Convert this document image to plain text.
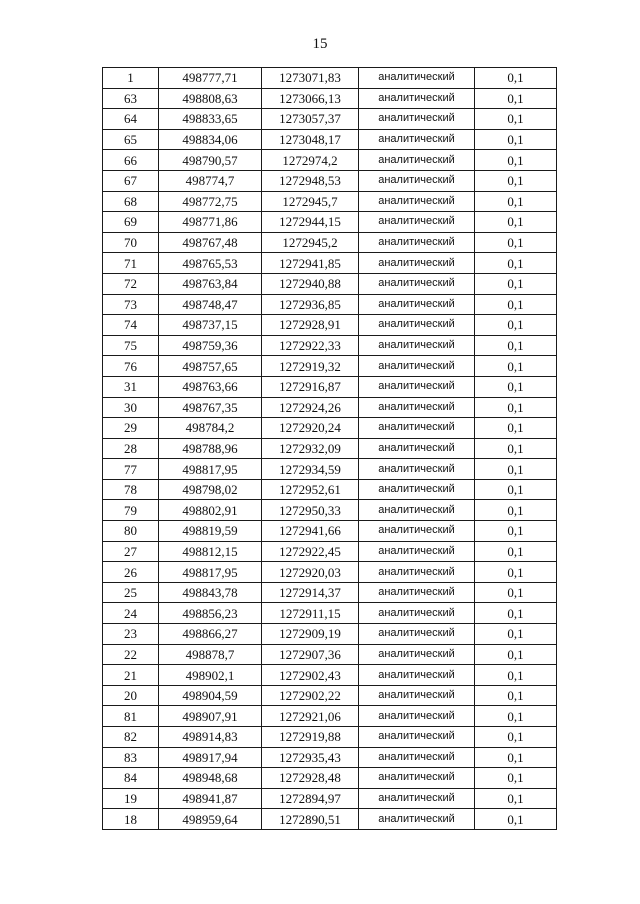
15
1	498777,71	1273071,83	аналитический	0,1
63	498808,63	1273066,13	аналитический	0,1
64	498833,65	1273057,37	аналитический	0,1
65	498834,06	1273048,17	аналитический	0,1
66	498790,57	1272974,2	аналитический	0,1
67	498774,7	1272948,53	аналитический	0,1
68	498772,75	1272945,7	аналитический	0,1
69	498771,86	1272944,15	аналитический	0,1
70	498767,48	1272945,2	аналитический	0,1
71	498765,53	1272941,85	аналитический	0,1
72	498763,84	1272940,88	аналитический	0,1
73	498748,47	1272936,85	аналитический	0,1
74	498737,15	1272928,91	аналитический	0,1
75	498759,36	1272922,33	аналитический	0,1
76	498757,65	1272919,32	аналитический	0,1
31	498763,66	1272916,87	аналитический	0,1
30	498767,35	1272924,26	аналитический	0,1
29	498784,2	1272920,24	аналитический	0,1
28	498788,96	1272932,09	аналитический	0,1
77	498817,95	1272934,59	аналитический	0,1
78	498798,02	1272952,61	аналитический	0,1
79	498802,91	1272950,33	аналитический	0,1
80	498819,59	1272941,66	аналитический	0,1
27	498812,15	1272922,45	аналитический	0,1
26	498817,95	1272920,03	аналитический	0,1
25	498843,78	1272914,37	аналитический	0,1
24	498856,23	1272911,15	аналитический	0,1
23	498866,27	1272909,19	аналитический	0,1
22	498878,7	1272907,36	аналитический	0,1
21	498902,1	1272902,43	аналитический	0,1
20	498904,59	1272902,22	аналитический	0,1
81	498907,91	1272921,06	аналитический	0,1
82	498914,83	1272919,88	аналитический	0,1
83	498917,94	1272935,43	аналитический	0,1
84	498948,68	1272928,48	аналитический	0,1
19	498941,87	1272894,97	аналитический	0,1
18	498959,64	1272890,51	аналитический	0,1
